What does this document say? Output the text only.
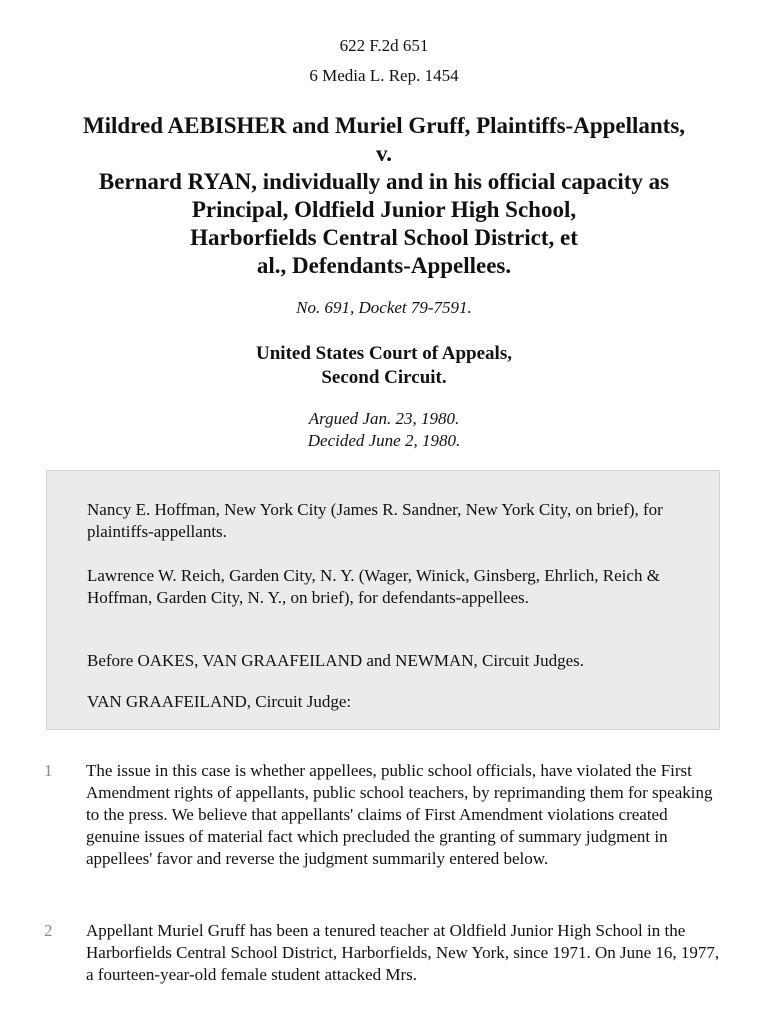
622 F.2d 651
6 Media L. Rep. 1454
Mildred AEBISHER and Muriel Gruff, Plaintiffs-Appellants,
v.
Bernard RYAN, individually and in his official capacity as
Principal, Oldfield Junior High School,
Harborfields Central School District, et
al., Defendants-Appellees.
No. 691, Docket 79-7591.
United States Court of Appeals,
Second Circuit.
Argued Jan. 23, 1980.
Decided June 2, 1980.

Nancy E. Hoffman, New York City (James R. Sandner, New York City, on brief), for plaintiffs-appellants.

Lawrence W. Reich, Garden City, N. Y. (Wager, Winick, Ginsberg, Ehrlich, Reich & Hoffman, Garden City, N. Y., on brief), for defendants-appellees.

Before OAKES, VAN GRAAFEILAND and NEWMAN, Circuit Judges.

VAN GRAAFEILAND, Circuit Judge:

1 The issue in this case is whether appellees, public school officials, have violated the First Amendment rights of appellants, public school teachers, by reprimanding them for speaking to the press. We believe that appellants' claims of First Amendment violations created genuine issues of material fact which precluded the granting of summary judgment in appellees' favor and reverse the judgment summarily entered below.

2 Appellant Muriel Gruff has been a tenured teacher at Oldfield Junior High School in the Harborfields Central School District, Harborfields, New York, since 1971. On June 16, 1977, a fourteen-year-old female student attacked Mrs.
